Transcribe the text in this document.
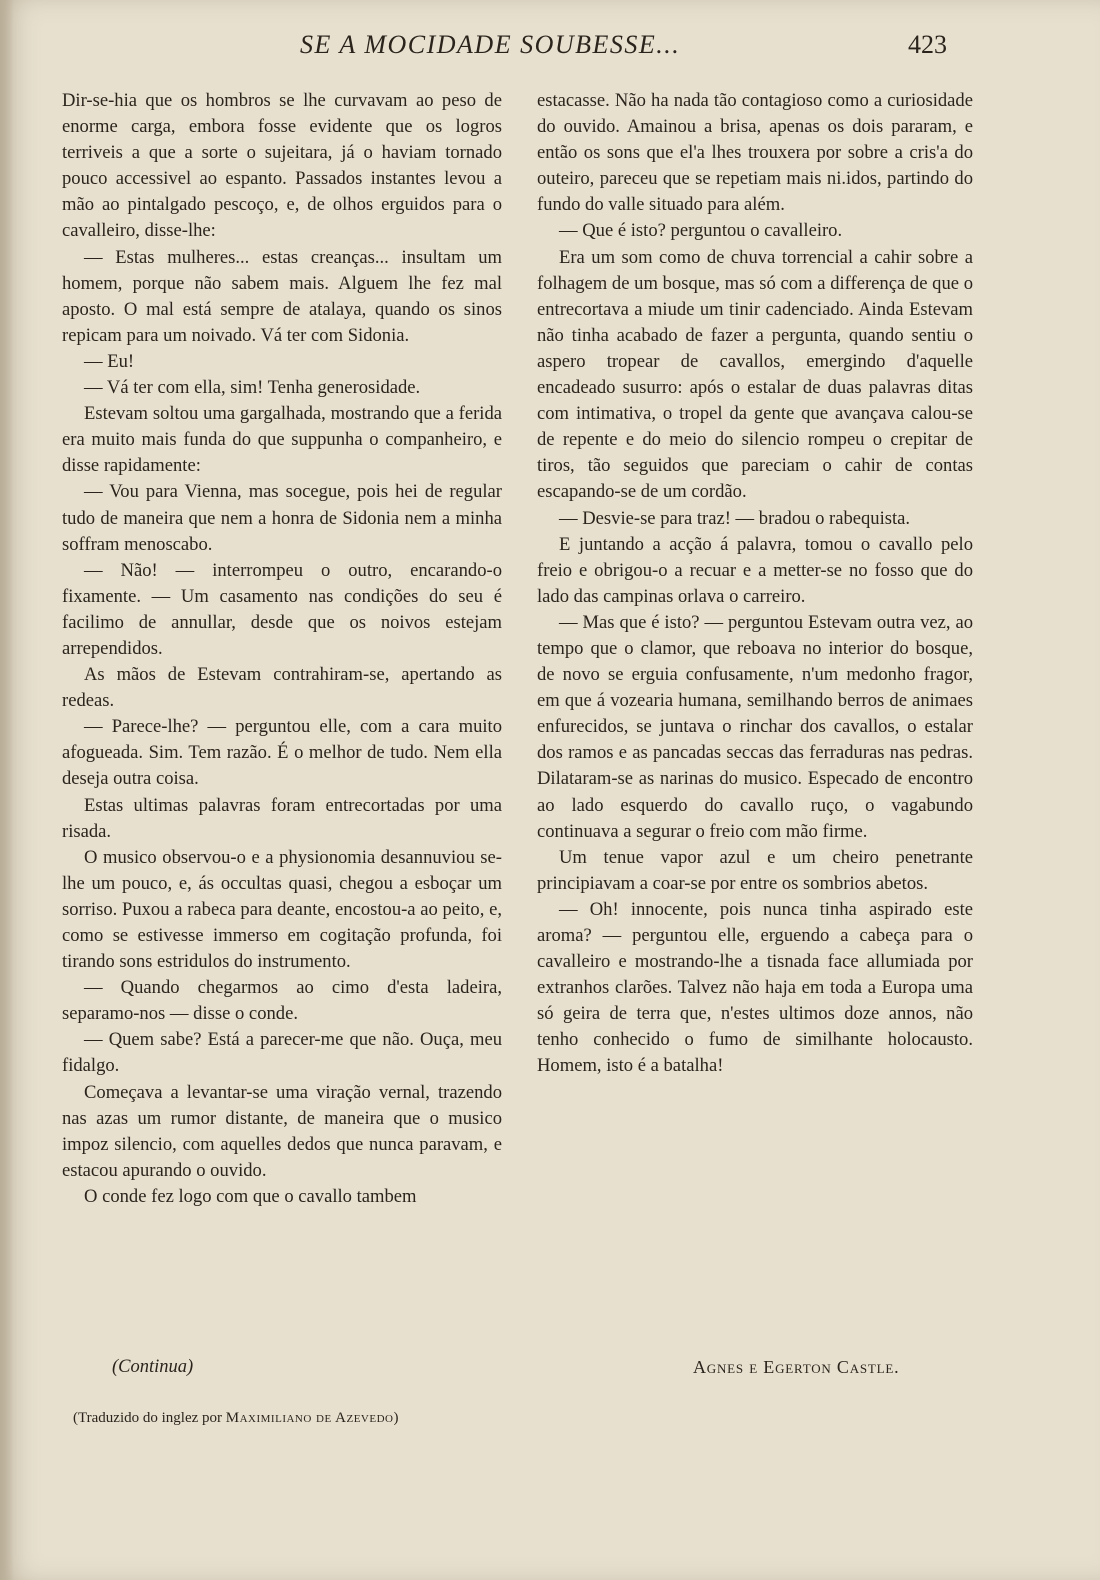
SE A MOCIDADE SOUBESSE...	423

Dir-se-hia que os hombros se lhe curvavam ao peso de enorme carga, embora fosse evidente que os logros terriveis a que a sorte o sujeitara, já o haviam tornado pouco accessivel ao espanto. Passados instantes levou a mão ao pintalgado pescoço, e, de olhos erguidos para o cavalleiro, disse-lhe:

— Estas mulheres... estas creanças... insultam um homem, porque não sabem mais. Alguem lhe fez mal aposto. O mal está sempre de atalaya, quando os sinos repicam para um noivado. Vá ter com Sidonia.

— Eu!

— Vá ter com ella, sim! Tenha generosidade.

Estevam soltou uma gargalhada, mostrando que a ferida era muito mais funda do que suppunha o companheiro, e disse rapidamente:

— Vou para Vienna, mas socegue, pois hei de regular tudo de maneira que nem a honra de Sidonia nem a minha soffram menoscabo.

— Não! — interrompeu o outro, encarando-o fixamente. — Um casamento nas condições do seu é facilimo de annullar, desde que os noivos estejam arrependidos.

As mãos de Estevam contrahiram-se, apertando as redeas.

— Parece-lhe? — perguntou elle, com a cara muito afogueada. Sim. Tem razão. É o melhor de tudo. Nem ella deseja outra coisa.

Estas ultimas palavras foram entrecortadas por uma risada.

O musico observou-o e a physionomia desannuviou se-lhe um pouco, e, ás occultas quasi, chegou a esboçar um sorriso. Puxou a rabeca para deante, encostou-a ao peito, e, como se estivesse immerso em cogitação profunda, foi tirando sons estridulos do instrumento.

— Quando chegarmos ao cimo d'esta ladeira, separamo-nos — disse o conde.

— Quem sabe? Está a parecer-me que não. Ouça, meu fidalgo.

Começava a levantar-se uma viração vernal, trazendo nas azas um rumor distante, de maneira que o musico impoz silencio, com aquelles dedos que nunca paravam, e estacou apurando o ouvido.

O conde fez logo com que o cavallo tambem

estacasse. Não ha nada tão contagioso como a curiosidade do ouvido. Amainou a brisa, apenas os dois pararam, e então os sons que el'a lhes trouxera por sobre a cris'a do outeiro, pareceu que se repetiam mais ni.idos, partindo do fundo do valle situado para além.

— Que é isto? perguntou o cavalleiro.

Era um som como de chuva torrencial a cahir sobre a folhagem de um bosque, mas só com a differença de que o entrecortava a miude um tinir cadenciado. Ainda Estevam não tinha acabado de fazer a pergunta, quando sentiu o aspero tropear de cavallos, emergindo d'aquelle encadeado susurro: após o estalar de duas palavras ditas com intimativa, o tropel da gente que avançava calou-se de repente e do meio do silencio rompeu o crepitar de tiros, tão seguidos que pareciam o cahir de contas escapando-se de um cordão.

— Desvie-se para traz! — bradou o rabequista.

E juntando a acção á palavra, tomou o cavallo pelo freio e obrigou-o a recuar e a metter-se no fosso que do lado das campinas orlava o carreiro.

— Mas que é isto? — perguntou Estevam outra vez, ao tempo que o clamor, que reboava no interior do bosque, de novo se erguia confusamente, n'um medonho fragor, em que á vozearia humana, semilhando berros de animaes enfurecidos, se juntava o rinchar dos cavallos, o estalar dos ramos e as pancadas seccas das ferraduras nas pedras. Dilataram-se as narinas do musico. Especado de encontro ao lado esquerdo do cavallo ruço, o vagabundo continuava a segurar o freio com mão firme.

Um tenue vapor azul e um cheiro penetrante principiavam a coar-se por entre os sombrios abetos.

— Oh! innocente, pois nunca tinha aspirado este aroma? — perguntou elle, erguendo a cabeça para o cavalleiro e mostrando-lhe a tisnada face allumiada por extranhos clarões. Talvez não haja em toda a Europa uma só geira de terra que, n'estes ultimos doze annos, não tenho conhecido o fumo de similhante holocausto. Homem, isto é a batalha!

(Continua)	Agnes e Egerton Castle.
(Traduzido do inglez por Maximiliano de Azevedo)
